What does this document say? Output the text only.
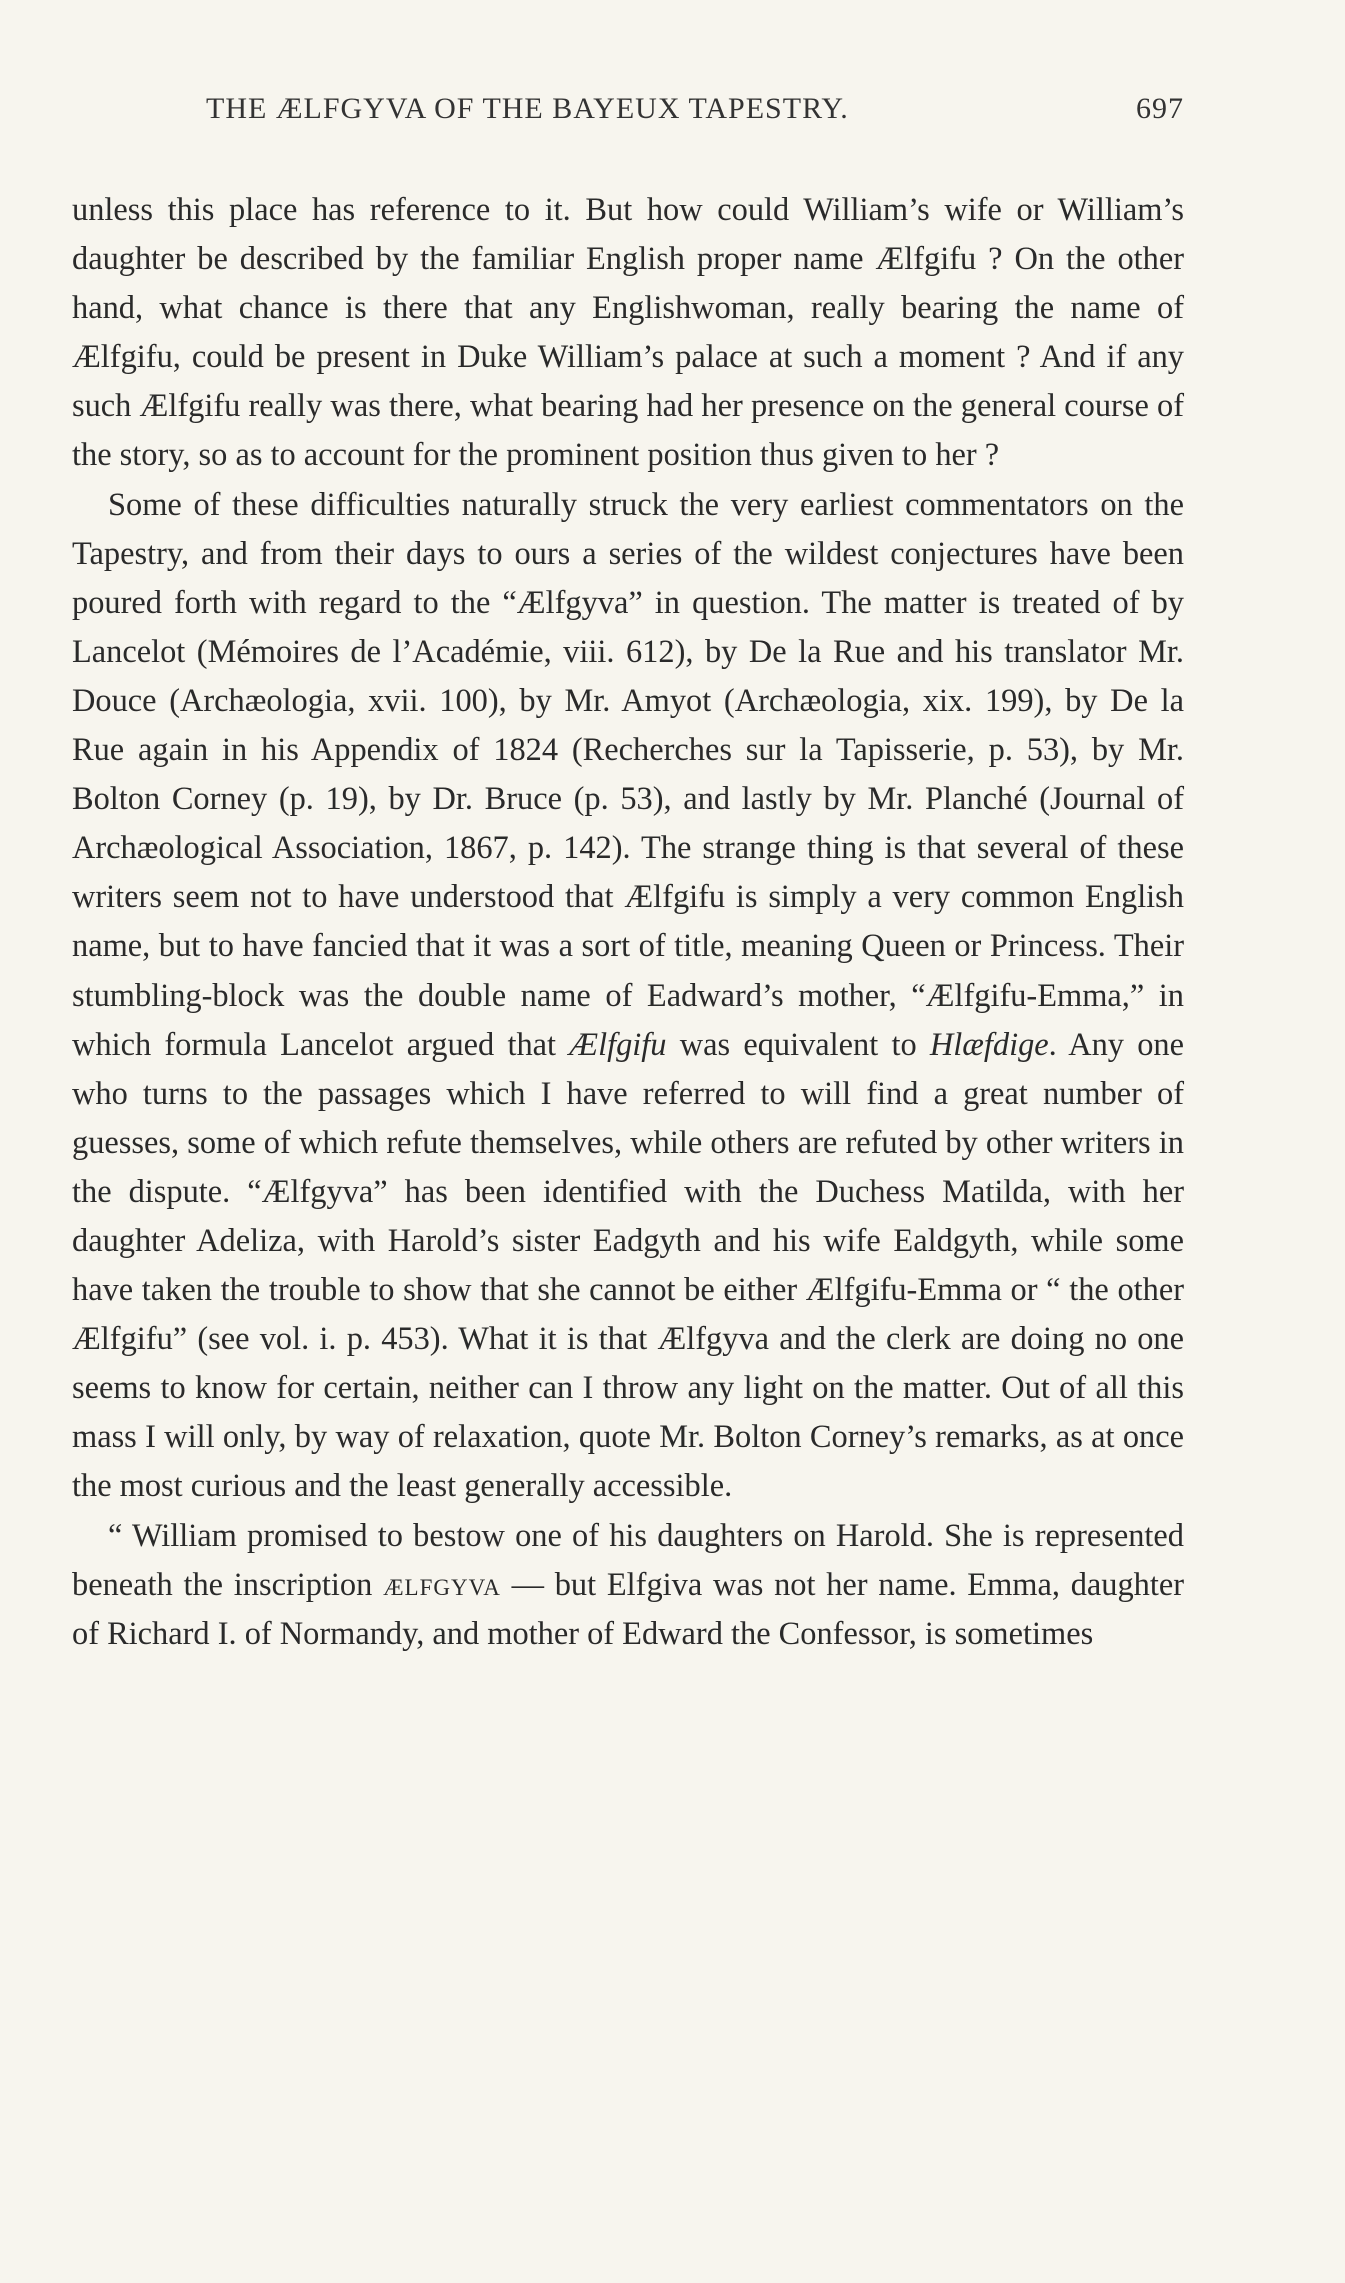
THE ÆLFGYVA OF THE BAYEUX TAPESTRY.	697

unless this place has reference to it. But how could William’s wife or William’s daughter be described by the familiar English proper name Ælfgifu ? On the other hand, what chance is there that any Englishwoman, really bearing the name of Ælfgifu, could be present in Duke William’s palace at such a moment ? And if any such Ælfgifu really was there, what bearing had her presence on the general course of the story, so as to account for the prominent position thus given to her ?

Some of these difficulties naturally struck the very earliest commentators on the Tapestry, and from their days to ours a series of the wildest conjectures have been poured forth with regard to the “Ælfgyva” in question. The matter is treated of by Lancelot (Mémoires de l’Académie, viii. 612), by De la Rue and his translator Mr. Douce (Archæologia, xvii. 100), by Mr. Amyot (Archæologia, xix. 199), by De la Rue again in his Appendix of 1824 (Recherches sur la Tapisserie, p. 53), by Mr. Bolton Corney (p. 19), by Dr. Bruce (p. 53), and lastly by Mr. Planché (Journal of Archæological Association, 1867, p. 142). The strange thing is that several of these writers seem not to have understood that Ælfgifu is simply a very common English name, but to have fancied that it was a sort of title, meaning Queen or Princess. Their stumbling-block was the double name of Eadward’s mother, “Ælfgifu-Emma,” in which formula Lancelot argued that Ælfgifu was equivalent to Hlæfdige. Any one who turns to the passages which I have referred to will find a great number of guesses, some of which refute themselves, while others are refuted by other writers in the dispute. “Ælfgyva” has been identified with the Duchess Matilda, with her daughter Adeliza, with Harold’s sister Eadgyth and his wife Ealdgyth, while some have taken the trouble to show that she cannot be either Ælfgifu-Emma or “ the other Ælfgifu” (see vol. i. p. 453). What it is that Ælfgyva and the clerk are doing no one seems to know for certain, neither can I throw any light on the matter. Out of all this mass I will only, by way of relaxation, quote Mr. Bolton Corney’s remarks, as at once the most curious and the least generally accessible.

“ William promised to bestow one of his daughters on Harold. She is represented beneath the inscription ælfgyva — but Elfgiva was not her name. Emma, daughter of Richard I. of Normandy, and mother of Edward the Confessor, is sometimes
